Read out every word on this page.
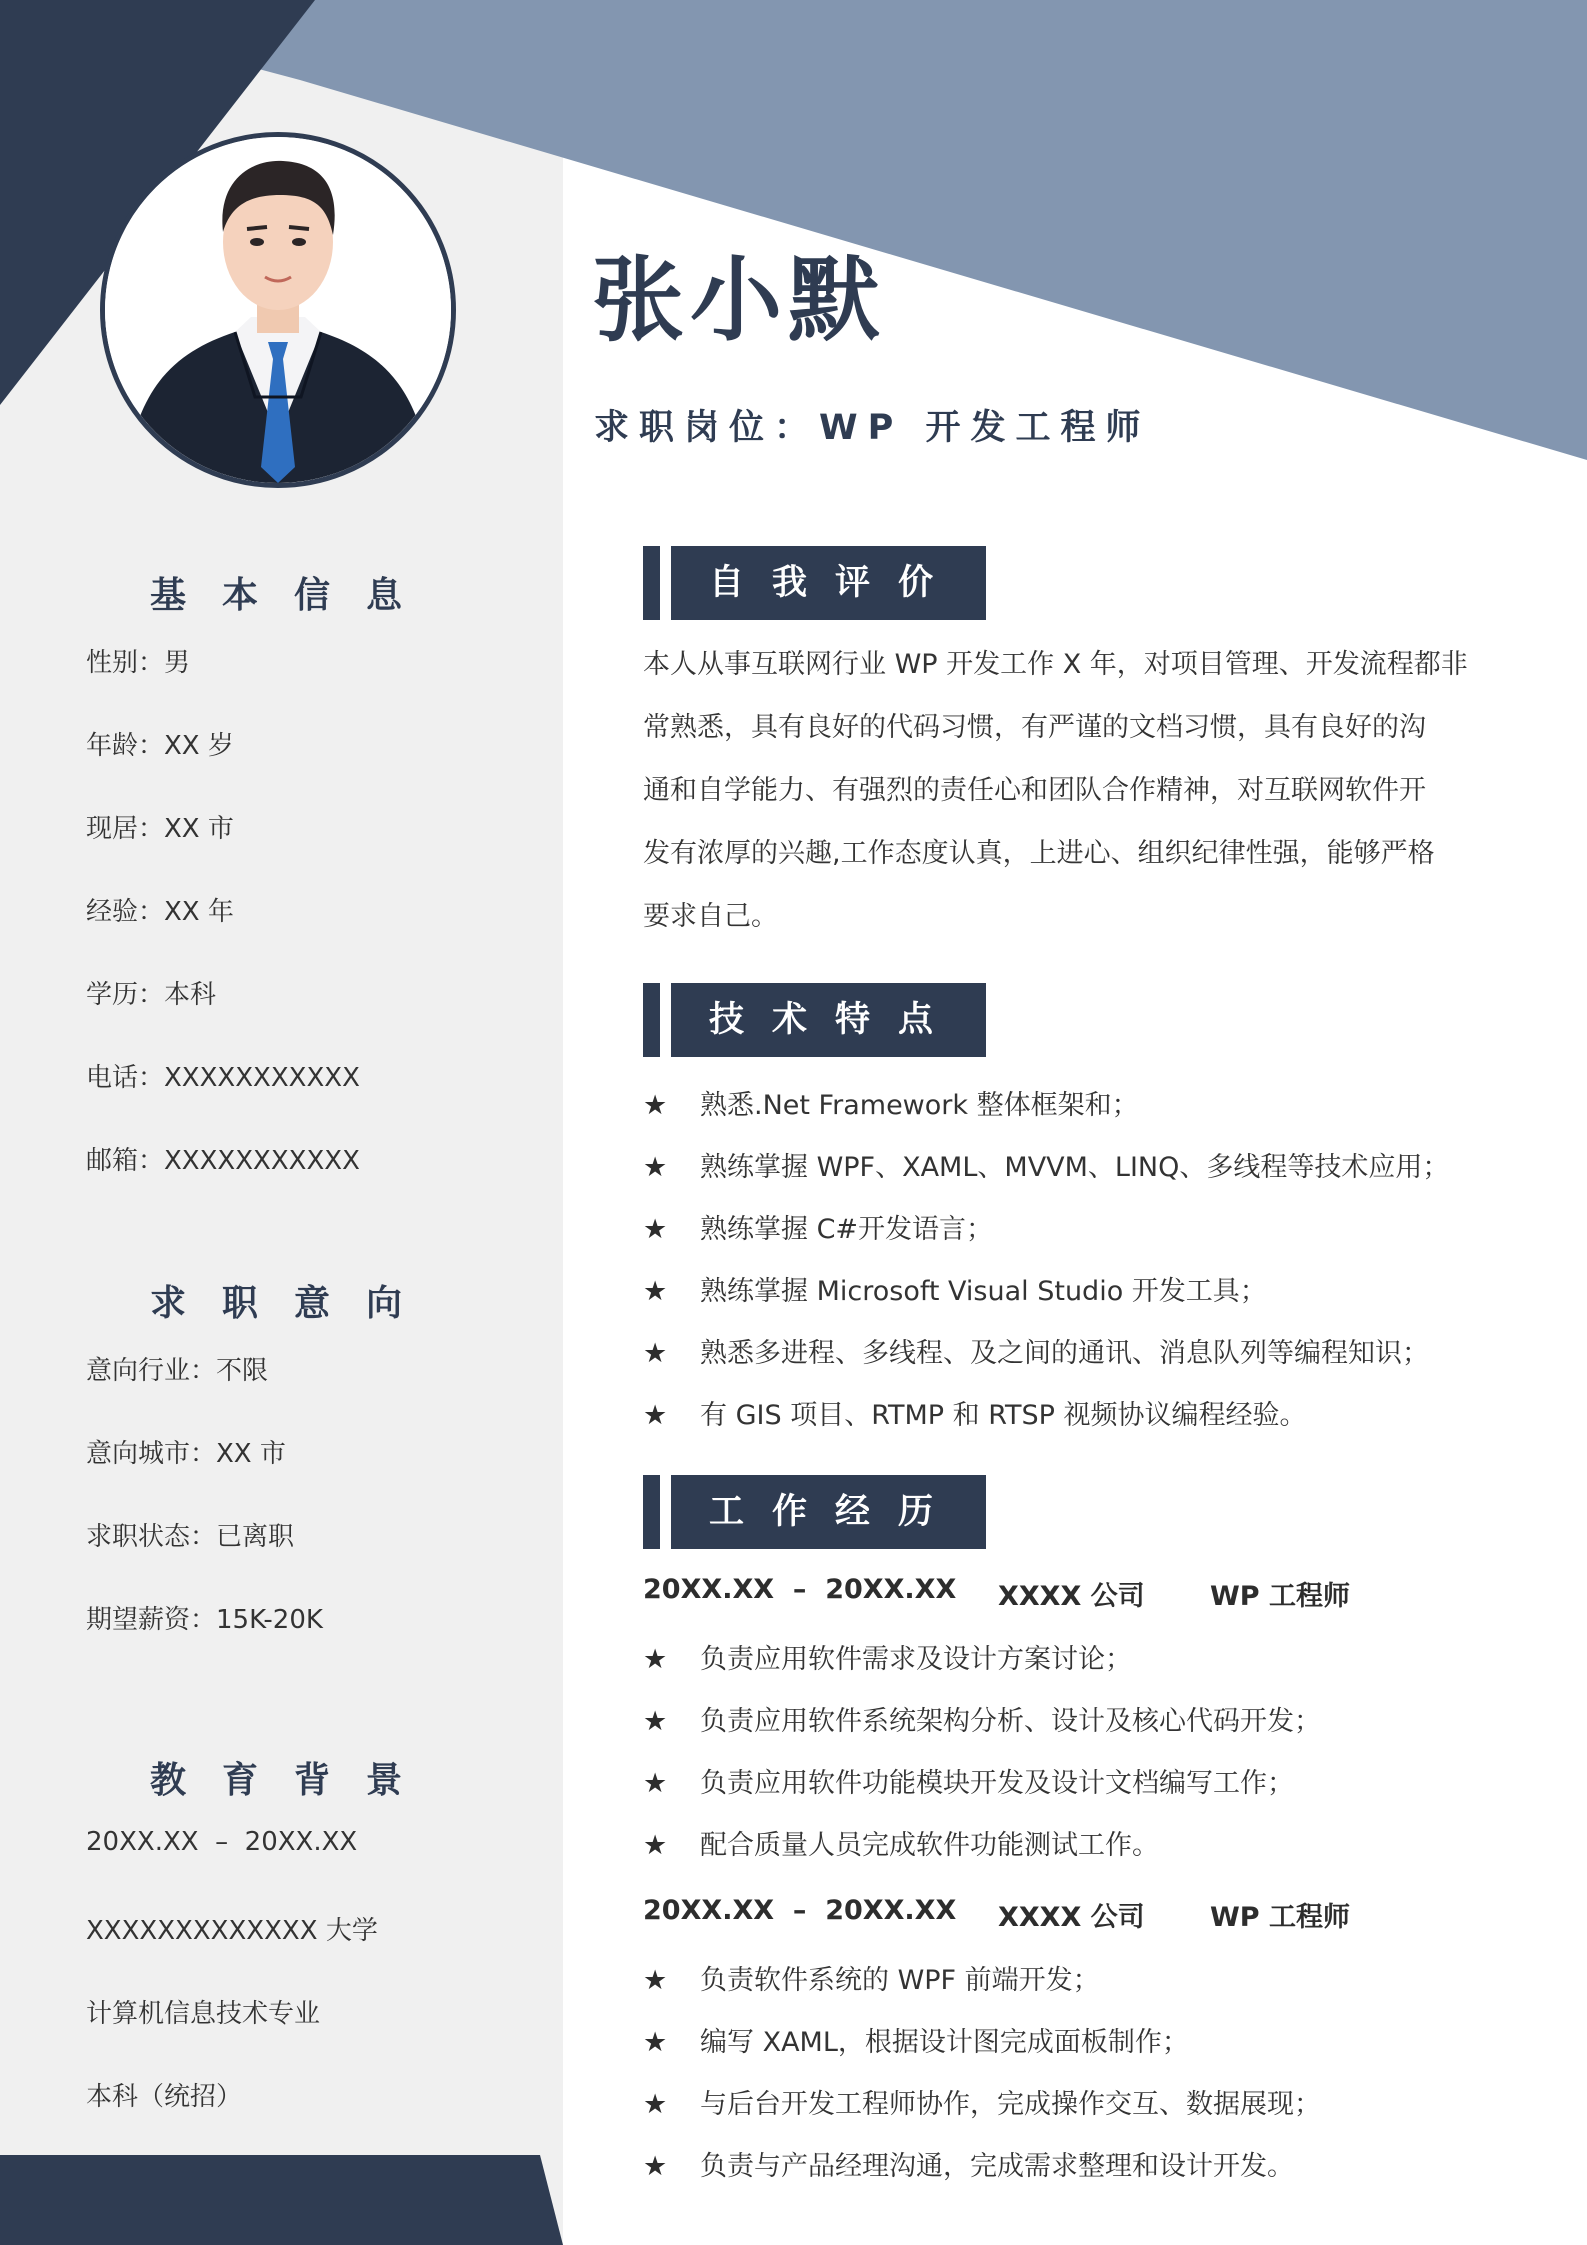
张小默
求职岗位：WP 开发工程师
基本信息
性别：男
年龄：XX 岁
现居：XX 市
经验：XX 年
学历：本科
电话：XXXXXXXXXXX
邮箱：XXXXXXXXXXX
求职意向
意向行业：不限
意向城市：XX 市
求职状态：已离职
期望薪资：15K-20K
教育背景
20XX.XX  –  20XX.XX
XXXXXXXXXXXXX 大学
计算机信息技术专业
本科（统招）
自我评价
本人从事互联网行业 WP 开发工作 X 年，对项目管理、开发流程都非
常熟悉，具有良好的代码习惯，有严谨的文档习惯，具有良好的沟
通和自学能力、有强烈的责任心和团队合作精神，对互联网软件开
发有浓厚的兴趣,工作态度认真，上进心、组织纪律性强，能够严格
要求自己。
技术特点
★ 熟悉.Net Framework 整体框架和；
★ 熟练掌握 WPF、XAML、MVVM、LINQ、多线程等技术应用；
★ 熟练掌握 C#开发语言；
★ 熟练掌握 Microsoft Visual Studio 开发工具；
★ 熟悉多进程、多线程、及之间的通讯、消息队列等编程知识；
★ 有 GIS 项目、RTMP 和 RTSP 视频协议编程经验。
工作经历
20XX.XX  –  20XX.XX XXXX 公司 WP 工程师
★ 负责应用软件需求及设计方案讨论；
★ 负责应用软件系统架构分析、设计及核心代码开发；
★ 负责应用软件功能模块开发及设计文档编写工作；
★ 配合质量人员完成软件功能测试工作。
20XX.XX  –  20XX.XX XXXX 公司 WP 工程师
★ 负责软件系统的 WPF 前端开发；
★ 编写 XAML，根据设计图完成面板制作；
★ 与后台开发工程师协作，完成操作交互、数据展现；
★ 负责与产品经理沟通，完成需求整理和设计开发。
